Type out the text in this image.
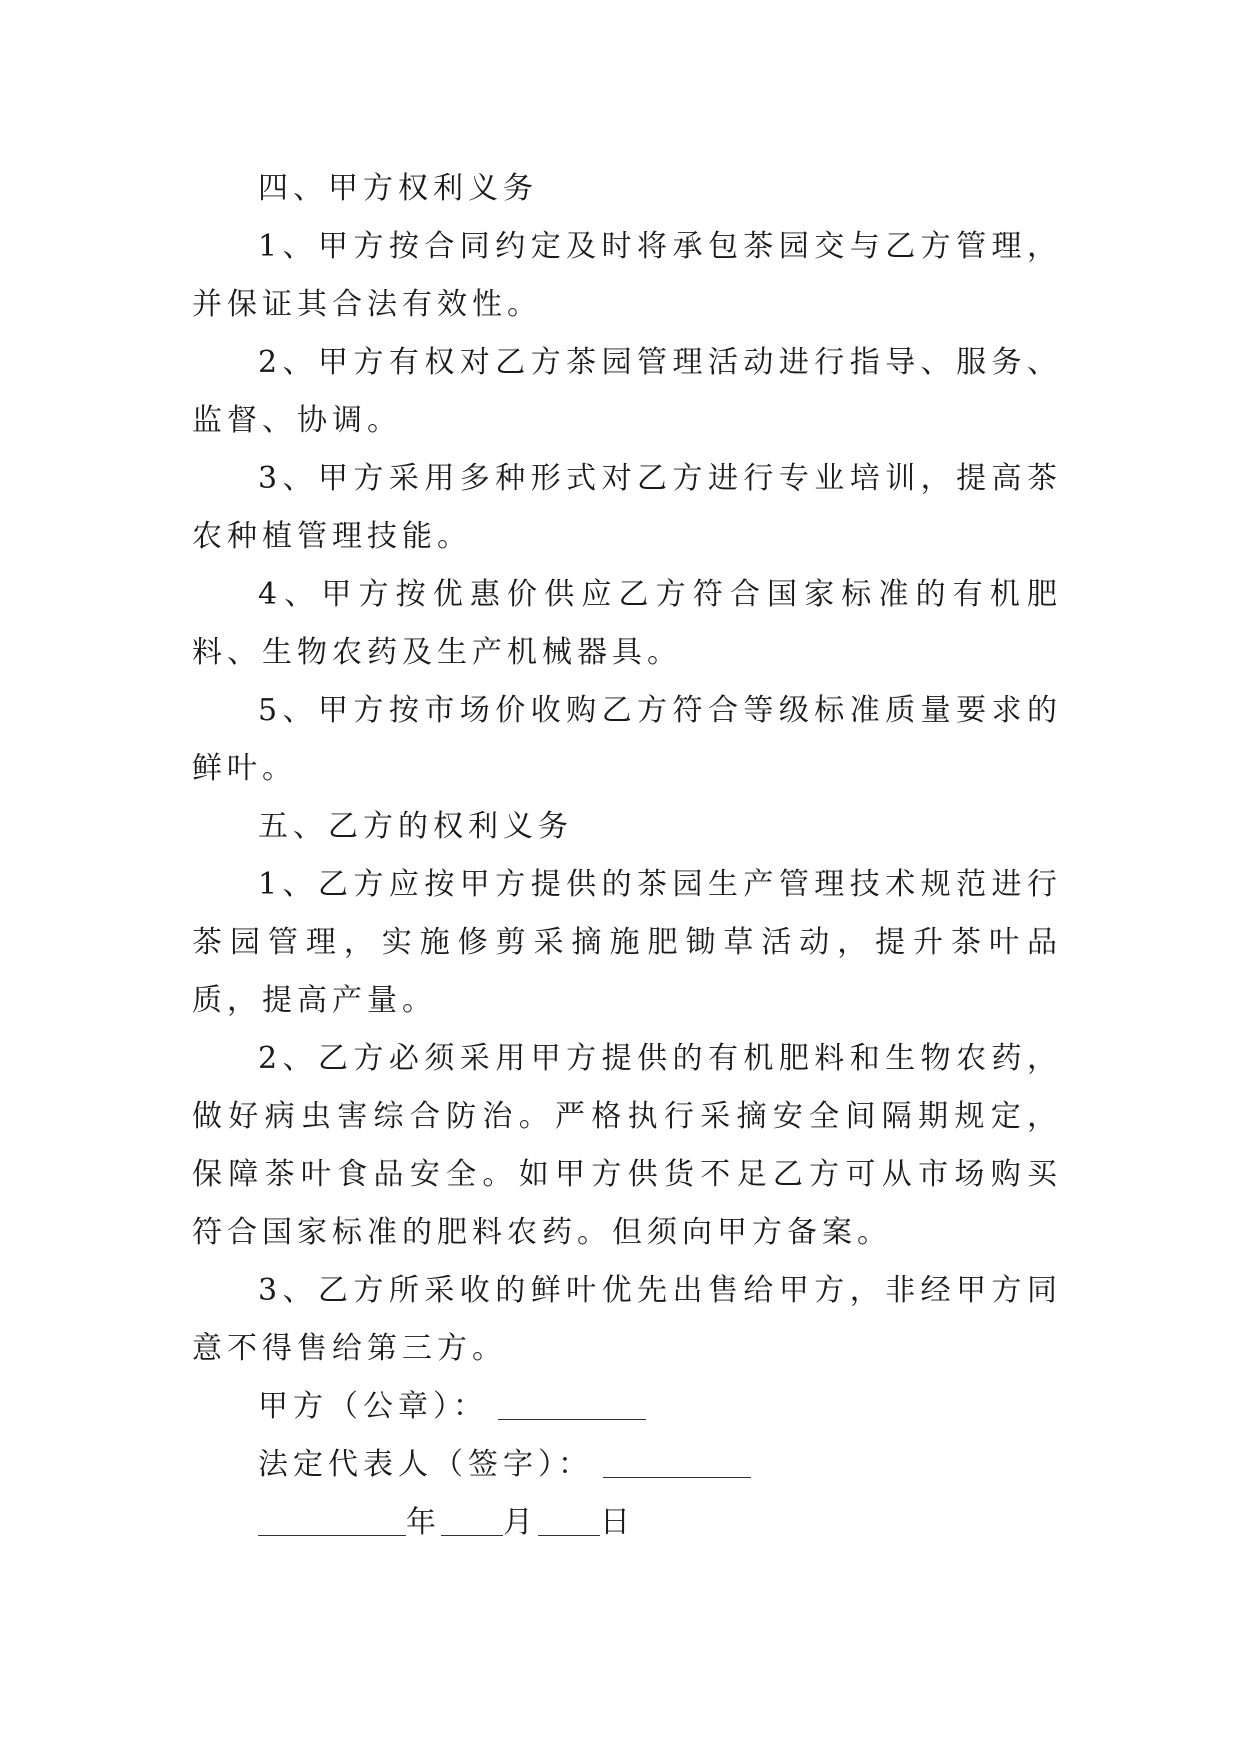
四、甲方权利义务

1、甲方按合同约定及时将承包茶园交与乙方管理，并保证其合法有效性。

2、甲方有权对乙方茶园管理活动进行指导、服务、监督、协调。

3、甲方采用多种形式对乙方进行专业培训，提高茶农种植管理技能。

4、甲方按优惠价供应乙方符合国家标准的有机肥料、生物农药及生产机械器具。

5、甲方按市场价收购乙方符合等级标准质量要求的鲜叶。

五、乙方的权利义务

1、乙方应按甲方提供的茶园生产管理技术规范进行茶园管理，实施修剪采摘施肥锄草活动，提升茶叶品质，提高产量。

2、乙方必须采用甲方提供的有机肥料和生物农药，做好病虫害综合防治。严格执行采摘安全间隔期规定，保障茶叶食品安全。如甲方供货不足乙方可从市场购买符合国家标准的肥料农药。但须向甲方备案。

3、乙方所采收的鲜叶优先出售给甲方，非经甲方同意不得售给第三方。

甲方（公章）：

法定代表人（签字）：

年 月 日
